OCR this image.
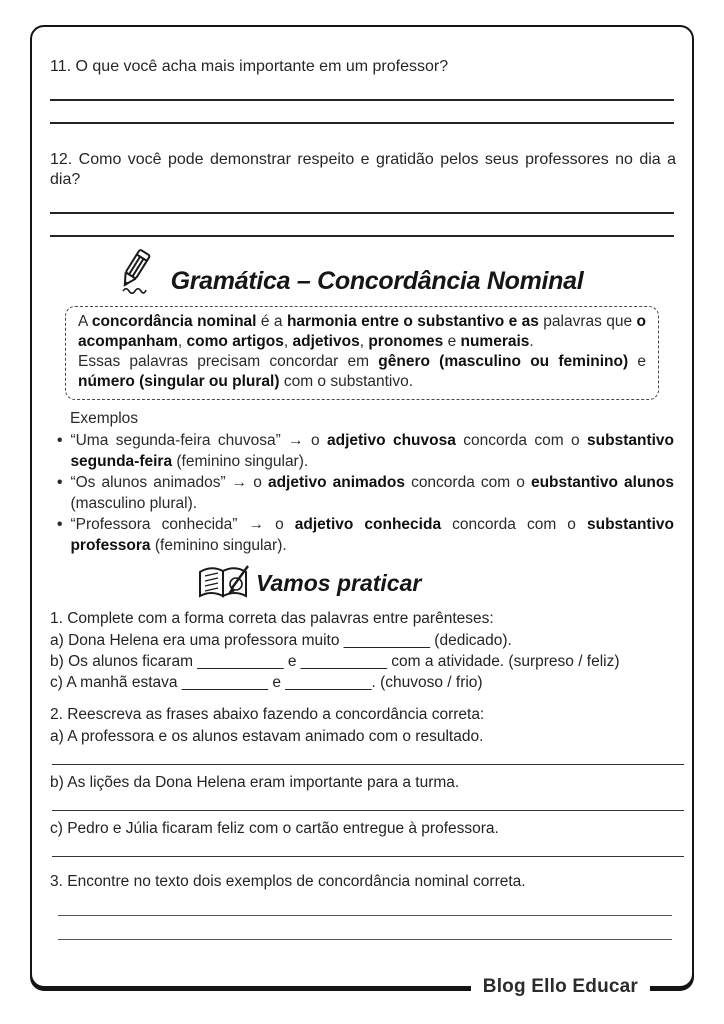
11. O que você acha mais importante em um professor?

12. Como você pode demonstrar respeito e gratidão pelos seus professores no dia a dia?

Gramática – Concordância Nominal

A concordância nominal é a harmonia entre o substantivo e as palavras que o acompanham, como artigos, adjetivos, pronomes e numerais.

Essas palavras precisam concordar em gênero (masculino ou feminino) e número (singular ou plural) com o substantivo.

Exemplos

• “Uma segunda-feira chuvosa” → o adjetivo chuvosa concorda com o substantivo segunda-feira (feminino singular).
• “Os alunos animados” → o adjetivo animados concorda com o eubstantivo alunos (masculino plural).
• “Professora conhecida” → o adjetivo conhecida concorda com o substantivo professora (feminino singular).
Vamos praticar

1. Complete com a forma correta das palavras entre parênteses:

a) Dona Helena era uma professora muito __________ (dedicado).

b) Os alunos ficaram __________ e __________ com a atividade. (surpreso / feliz)

c) A manhã estava __________ e __________. (chuvoso / frio)

2. Reescreva as frases abaixo fazendo a concordância correta:

a) A professora e os alunos estavam animado com o resultado.

b) As lições da Dona Helena eram importante para a turma.

c) Pedro e Júlia ficaram feliz com o cartão entregue à professora.

3. Encontre no texto dois exemplos de concordância nominal correta.

Blog Ello Educar
